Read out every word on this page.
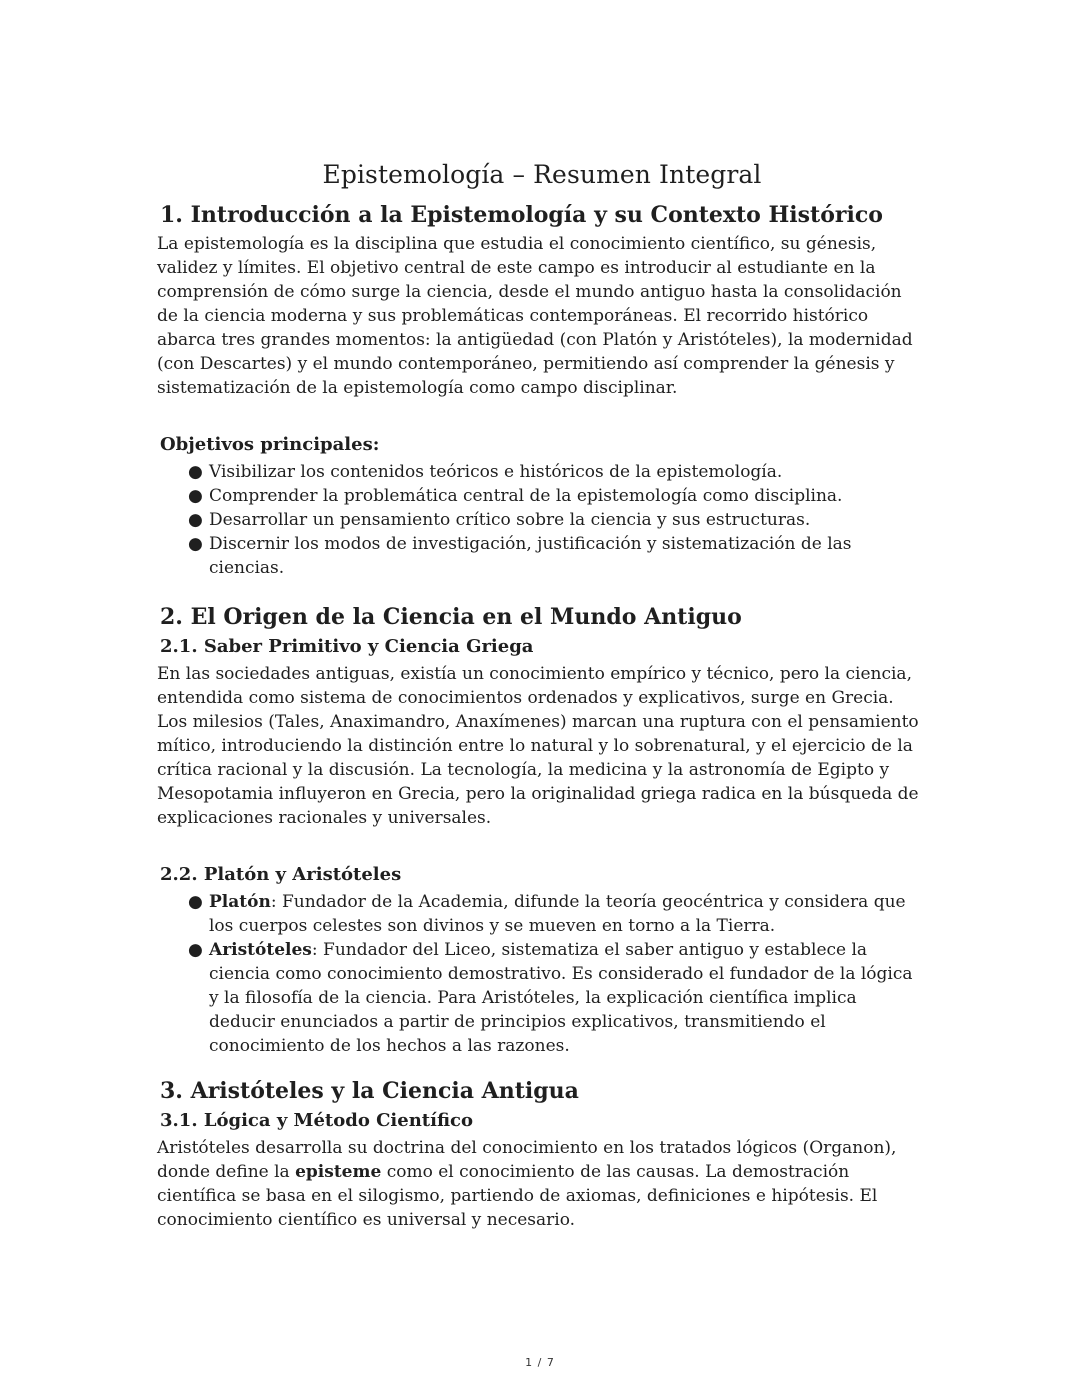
Epistemología – Resumen Integral
1. Introducción a la Epistemología y su Contexto Histórico

La epistemología es la disciplina que estudia el conocimiento científico, su génesis, validez y límites. El objetivo central de este campo es introducir al estudiante en la comprensión de cómo surge la ciencia, desde el mundo antiguo hasta la consolidación de la ciencia moderna y sus problemáticas contemporáneas. El recorrido histórico abarca tres grandes momentos: la antigüedad (con Platón y Aristóteles), la modernidad (con Descartes) y el mundo contemporáneo, permitiendo así comprender la génesis y sistematización de la epistemología como campo disciplinar.

Objetivos principales:
● Visibilizar los contenidos teóricos e históricos de la epistemología.
● Comprender la problemática central de la epistemología como disciplina.
● Desarrollar un pensamiento crítico sobre la ciencia y sus estructuras.
● Discernir los modos de investigación, justificación y sistematización de las ciencias.
2. El Origen de la Ciencia en el Mundo Antiguo
2.1. Saber Primitivo y Ciencia Griega

En las sociedades antiguas, existía un conocimiento empírico y técnico, pero la ciencia, entendida como sistema de conocimientos ordenados y explicativos, surge en Grecia. Los milesios (Tales, Anaximandro, Anaxímenes) marcan una ruptura con el pensamiento mítico, introduciendo la distinción entre lo natural y lo sobrenatural, y el ejercicio de la crítica racional y la discusión. La tecnología, la medicina y la astronomía de Egipto y Mesopotamia influyeron en Grecia, pero la originalidad griega radica en la búsqueda de explicaciones racionales y universales.

2.2. Platón y Aristóteles
● Platón: Fundador de la Academia, difunde la teoría geocéntrica y considera que los cuerpos celestes son divinos y se mueven en torno a la Tierra.
● Aristóteles: Fundador del Liceo, sistematiza el saber antiguo y establece la ciencia como conocimiento demostrativo. Es considerado el fundador de la lógica y la filosofía de la ciencia. Para Aristóteles, la explicación científica implica deducir enunciados a partir de principios explicativos, transmitiendo el conocimiento de los hechos a las razones.
3. Aristóteles y la Ciencia Antigua
3.1. Lógica y Método Científico

Aristóteles desarrolla su doctrina del conocimiento en los tratados lógicos (Organon), donde define la episteme como el conocimiento de las causas. La demostración científica se basa en el silogismo, partiendo de axiomas, definiciones e hipótesis. El conocimiento científico es universal y necesario.

1 / 7
